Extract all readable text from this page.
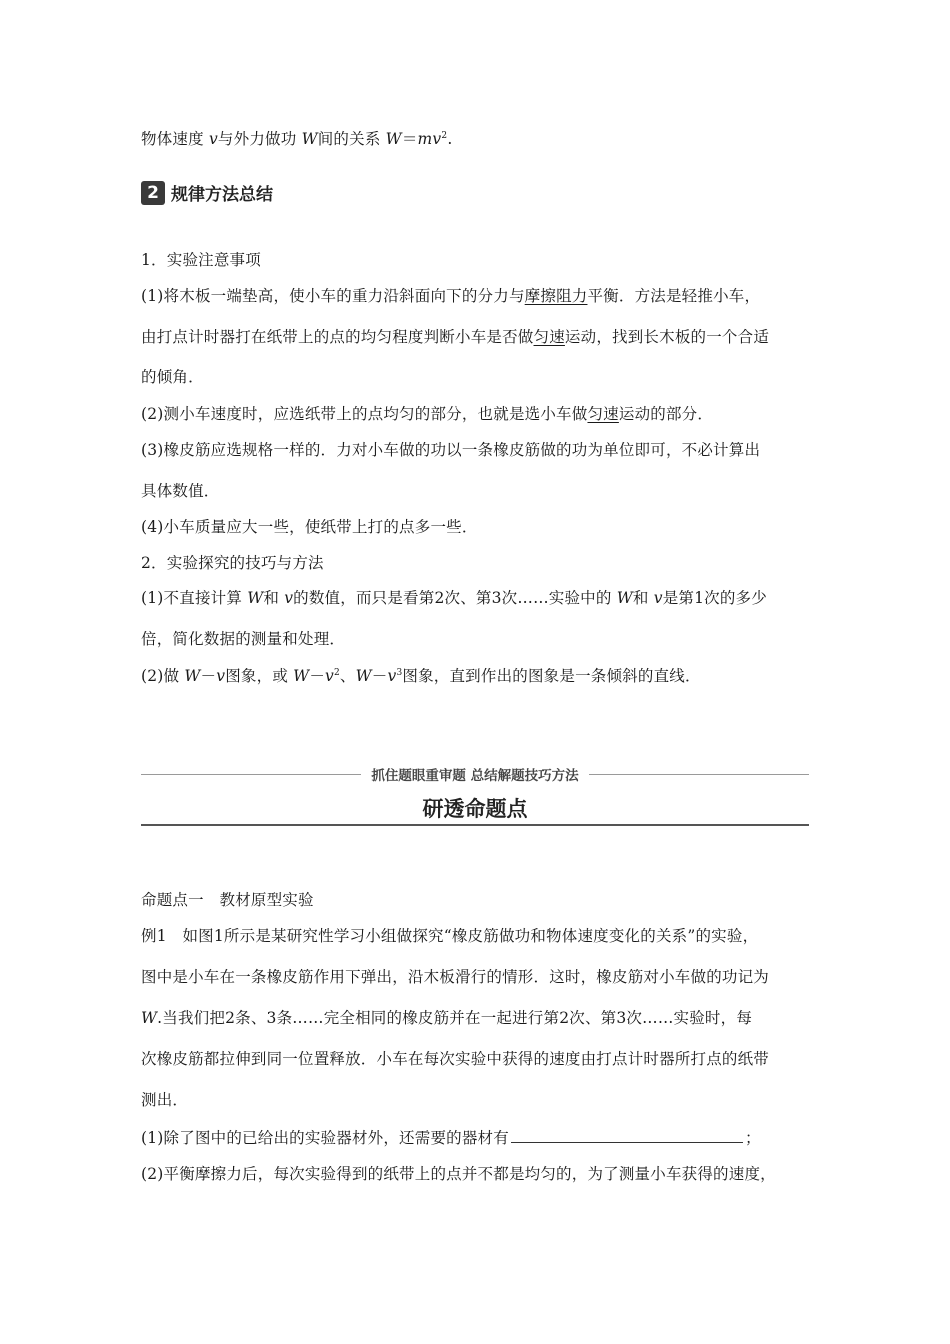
物体速度 v与外力做功 W间的关系 $W=mv^2$.
2 规律方法总结
1．实验注意事项
(1)将木板一端垫高，使小车的重力沿斜面向下的分力与摩擦阻力平衡．方法是轻推小车，
由打点计时器打在纸带上的点的均匀程度判断小车是否做匀速运动，找到长木板的一个合适
的倾角．
(2)测小车速度时，应选纸带上的点均匀的部分，也就是选小车做匀速运动的部分．
(3)橡皮筋应选规格一样的．力对小车做的功以一条橡皮筋做的功为单位即可，不必计算出
具体数值．
(4)小车质量应大一些，使纸带上打的点多一些．
2．实验探究的技巧与方法
(1)不直接计算 W和 v的数值，而只是看第2次、第3次……实验中的 W和 v是第1次的多少
倍，简化数据的测量和处理．
(2)做 W－v图象，或 $W-v^2$、$W-v^3$图象，直到作出的图象是一条倾斜的直线．
抓住题眼重审题 总结解题技巧方法
研透命题点
命题点一　教材原型实验
例1　如图1所示是某研究性学习小组做探究“橡皮筋做功和物体速度变化的关系”的实验，
图中是小车在一条橡皮筋作用下弹出，沿木板滑行的情形．这时，橡皮筋对小车做的功记为
W.当我们把2条、3条……完全相同的橡皮筋并在一起进行第2次、第3次……实验时，每
次橡皮筋都拉伸到同一位置释放．小车在每次实验中获得的速度由打点计时器所打点的纸带
测出．
(1)除了图中的已给出的实验器材外，还需要的器材有	；
(2)平衡摩擦力后，每次实验得到的纸带上的点并不都是均匀的，为了测量小车获得的速度，
